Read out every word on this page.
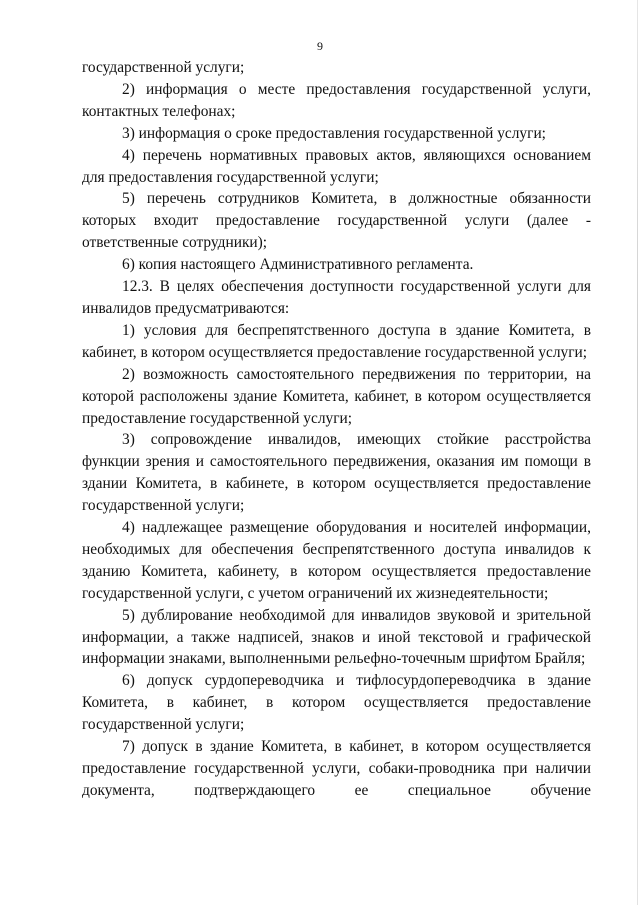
9

государственной услуги;

2) информация о месте предоставления государственной услуги, контактных телефонах;

3) информация о сроке предоставления государственной услуги;

4) перечень нормативных правовых актов, являющихся основанием для предоставления государственной услуги;

5) перечень сотрудников Комитета, в должностные обязанности которых входит предоставление государственной услуги (далее - ответственные сотрудники);

6) копия настоящего Административного регламента.

12.3. В целях обеспечения доступности государственной услуги для инвалидов предусматриваются:

1) условия для беспрепятственного доступа в здание Комитета, в кабинет, в котором осуществляется предоставление государственной услуги;

2) возможность самостоятельного передвижения по территории, на которой расположены здание Комитета, кабинет, в котором осуществляется предоставление государственной услуги;

3) сопровождение инвалидов, имеющих стойкие расстройства функции зрения и самостоятельного передвижения, оказания им помощи в здании Комитета, в кабинете, в котором осуществляется предоставление государственной услуги;

4) надлежащее размещение оборудования и носителей информации, необходимых для обеспечения беспрепятственного доступа инвалидов к зданию Комитета, кабинету, в котором осуществляется предоставление государственной услуги, с учетом ограничений их жизнедеятельности;

5) дублирование необходимой для инвалидов звуковой и зрительной информации, а также надписей, знаков и иной текстовой и графической информации знаками, выполненными рельефно-точечным шрифтом Брайля;

6) допуск сурдопереводчика и тифлосурдопереводчика в здание Комитета, в кабинет, в котором осуществляется предоставление государственной услуги;

7) допуск в здание Комитета, в кабинет, в котором осуществляется предоставление государственной услуги, собаки-проводника при наличии документа, подтверждающего ее специальное обучение
